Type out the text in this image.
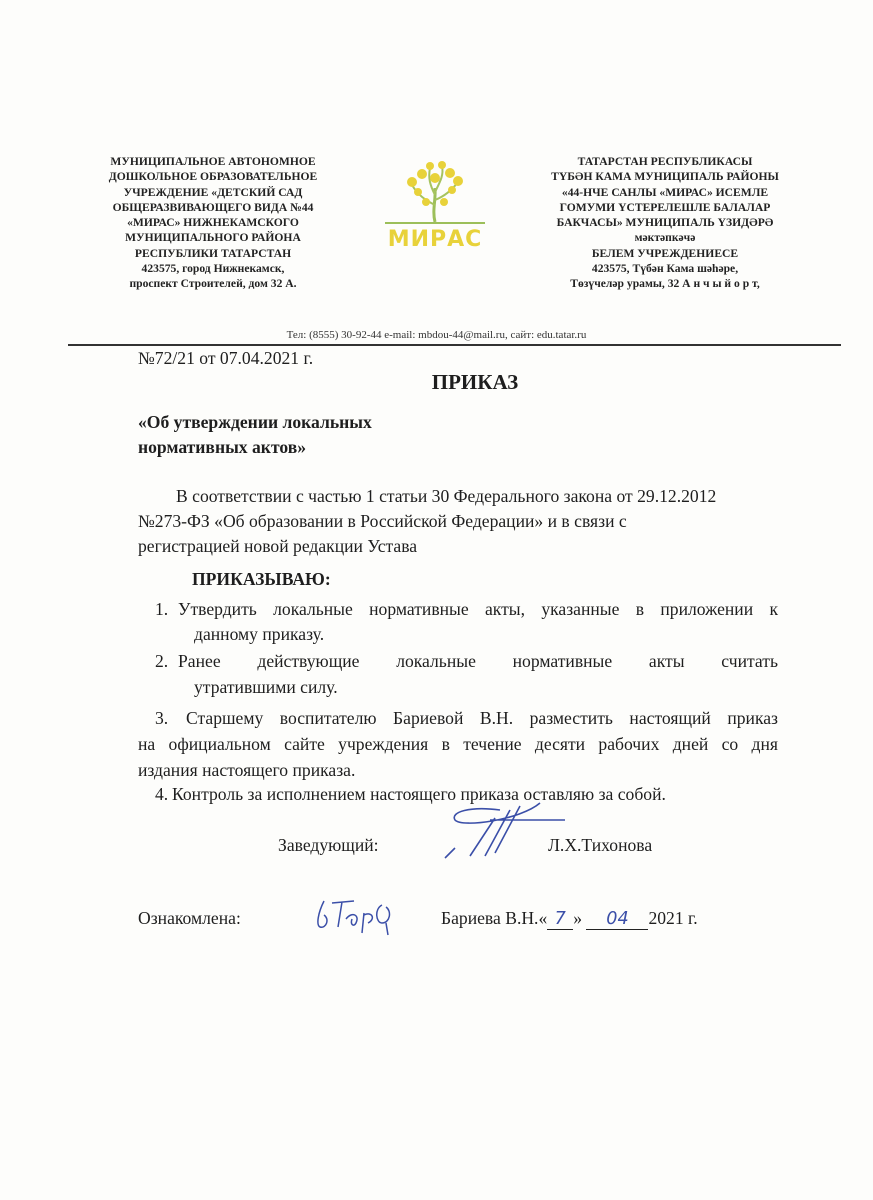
МУНИЦИПАЛЬНОЕ АВТОНОМНОЕ
ДОШКОЛЬНОЕ ОБРАЗОВАТЕЛЬНОЕ
УЧРЕЖДЕНИЕ «ДЕТСКИЙ САД
ОБЩЕРАЗВИВАЮЩЕГО ВИДА №44
«МИРАС» НИЖНЕКАМСКОГО
МУНИЦИПАЛЬНОГО РАЙОНА
РЕСПУБЛИКИ ТАТАРСТАН
423575, город Нижнекамск,
проспект Строителей, дом 32 А.
МИРАС
ТАТАРСТАН РЕСПУБЛИКАСЫ
ТҮБӘН КАМА МУНИЦИПАЛЬ РАЙОНЫ
«44-НЧЕ САНЛЫ «МИРАС» ИСЕМЛЕ
ГОМУМИ ҮСТЕРЕЛЕШЛЕ БАЛАЛАР
БАКЧАСЫ» МУНИЦИПАЛЬ ҮЗИДӘРӘ
мәктәпкәчә
БЕЛЕМ УЧРЕЖДЕНИЕСЕ
423575, Түбән Кама шәһәре,
Төзүчеләр урамы, 32 А н ч ы й о р т,
Тел: (8555) 30-92-44 e-mail: mbdou-44@mail.ru, сайт: edu.tatar.ru
№72/21 от 07.04.2021 г.
ПРИКАЗ
«Об утверждении локальных
нормативных актов»
В соответствии с частью 1 статьи 30 Федерального закона от 29.12.2012
№273-ФЗ «Об образовании в Российской Федерации» и в связи с
регистрацией новой редакции Устава
ПРИКАЗЫВАЮ:
1. Утвердить локальные нормативные акты, указанные в приложении к
данному приказу.
2. Ранее действующие локальные нормативные акты считать
утратившими силу.
3. Старшему воспитателю Бариевой В.Н. разместить настоящий приказ
на официальном сайте учреждения в течение десяти рабочих дней со дня
издания настоящего приказа.
4. Контроль за исполнением настоящего приказа оставляю за собой.
Заведующий:	Л.Х.Тихонова
Ознакомлена:	Бариева В.Н.« 7 » 04 2021 г.
